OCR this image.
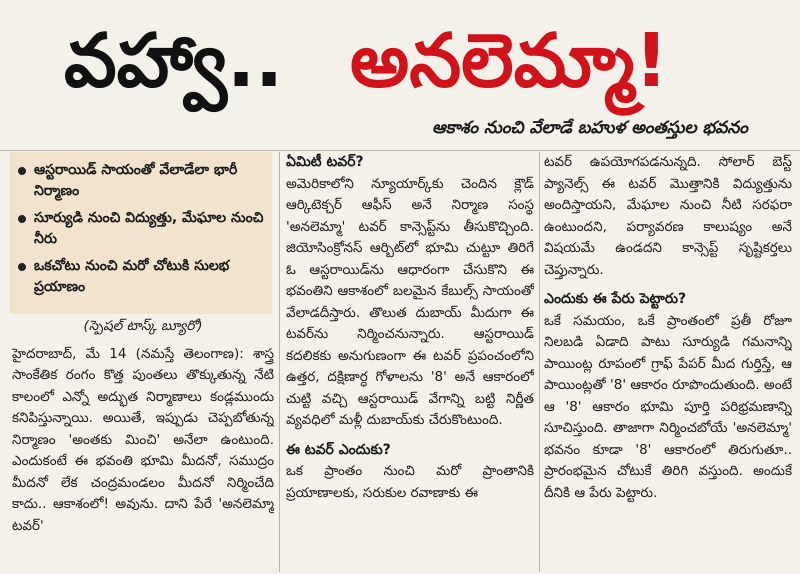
వహ్వా.. అనలెమ్మా!
ఆకాశం నుంచి వేలాడే బహుళ అంతస్తుల భవనం
ఆస్టరాయిడ్ సాయంతో వేలాడేలా భారీ నిర్మాణం
సూర్యుడి నుంచి విద్యుత్తు, మేఘాల నుంచి నీరు
ఒకచోటు నుంచి మరో చోటుకి సులభ ప్రయాణం

(స్పెషల్ టాస్క్ బ్యూరో)

హైదరాబాద్, మే 14 (నమస్తే తెలంగాణ): శాస్త్ర సాంకేతిక రంగం కొత్త పుంతలు తొక్కుతున్న నేటి కాలంలో ఎన్నో అద్భుత నిర్మాణాలు కండ్లముందు కనిపిస్తున్నాయి. అయితే, ఇప్పుడు చెప్పబోతున్న నిర్మాణం 'అంతకు మించి' అనేలా ఉంటుంది. ఎందుకంటే ఈ భవంతి భూమి మీదనో, సముద్రం మీదనో లేక చంద్రమండలం మీదనో నిర్మించేది కాదు.. ఆకాశంలో! అవును. దాని పేరే 'అనలెమ్మా టవర్'

ఏమిటీ టవర్?

అమెరికాలోని న్యూయార్క్‌కు చెందిన క్లౌడ్ ఆర్కిటెక్చర్ ఆఫీస్ అనే నిర్మాణ సంస్థ 'అనలెమ్మా' టవర్ కాన్సెప్ట్‌ను తీసుకొచ్చింది. జియోసింక్రోనస్ ఆర్బిట్‌లో భూమి చుట్టూ తిరిగే ఓ ఆస్టరాయిడ్‌ను ఆధారంగా చేసుకొని ఈ భవంతిని ఆకాశంలో బలమైన కేబుల్స్ సాయంతో వేలాడదీస్తారు. తొలుత దుబాయ్ మీదుగా ఈ టవర్‌ను నిర్మించనున్నారు. ఆస్టరాయిడ్ కదలికకు అనుగుణంగా ఈ టవర్ ప్రపంచంలోని ఉత్తర, దక్షిణార్ధ గోళాలను '8' అనే ఆకారంలో చుట్టి వచ్చి ఆస్టరాయిడ్ వేగాన్ని బట్టి నిర్ణీత వ్యవధిలో మళ్లీ దుబాయ్‌కు చేరుకొంటుంది.

ఈ టవర్ ఎందుకు?

ఒక ప్రాంతం నుంచి మరో ప్రాంతానికి ప్రయాణాలకు, సరుకుల రవాణాకు ఈ

టవర్ ఉపయోగపడనున్నది. సోలార్ బెస్ట్ ప్యానెల్స్ ఈ టవర్ మొత్తానికి విద్యుత్తును అందిస్తాయని, మేఘాల నుంచి నీటి సరఫరా ఉంటుందని, పర్యావరణ కాలుష్యం అనే విషయమే ఉండదని కాన్సెప్ట్ సృష్టికర్తలు చెప్తున్నారు.

ఎందుకు ఈ పేరు పెట్టారు?

ఒకే సమయం, ఒకే ప్రాంతంలో ప్రతీ రోజూ నిలబడి ఏడాది పాటు సూర్యుడి గమనాన్ని పాయింట్ల రూపంలో గ్రాఫ్ పేపర్ మీద గుర్తిస్తే, ఆ పాయింట్లతో '8' ఆకారం రూపొందుతుంది. అంటే ఆ '8' ఆకారం భూమి పూర్తి పరిభ్రమణాన్ని సూచిస్తుంది. తాజాగా నిర్మించబోయే 'అనలెమ్మా' భవనం కూడా '8' ఆకారంలో తిరుగుతూ.. ప్రారంభమైన చోటుకే తిరిగి వస్తుంది. అందుకే దీనికి ఆ పేరు పెట్టారు.
